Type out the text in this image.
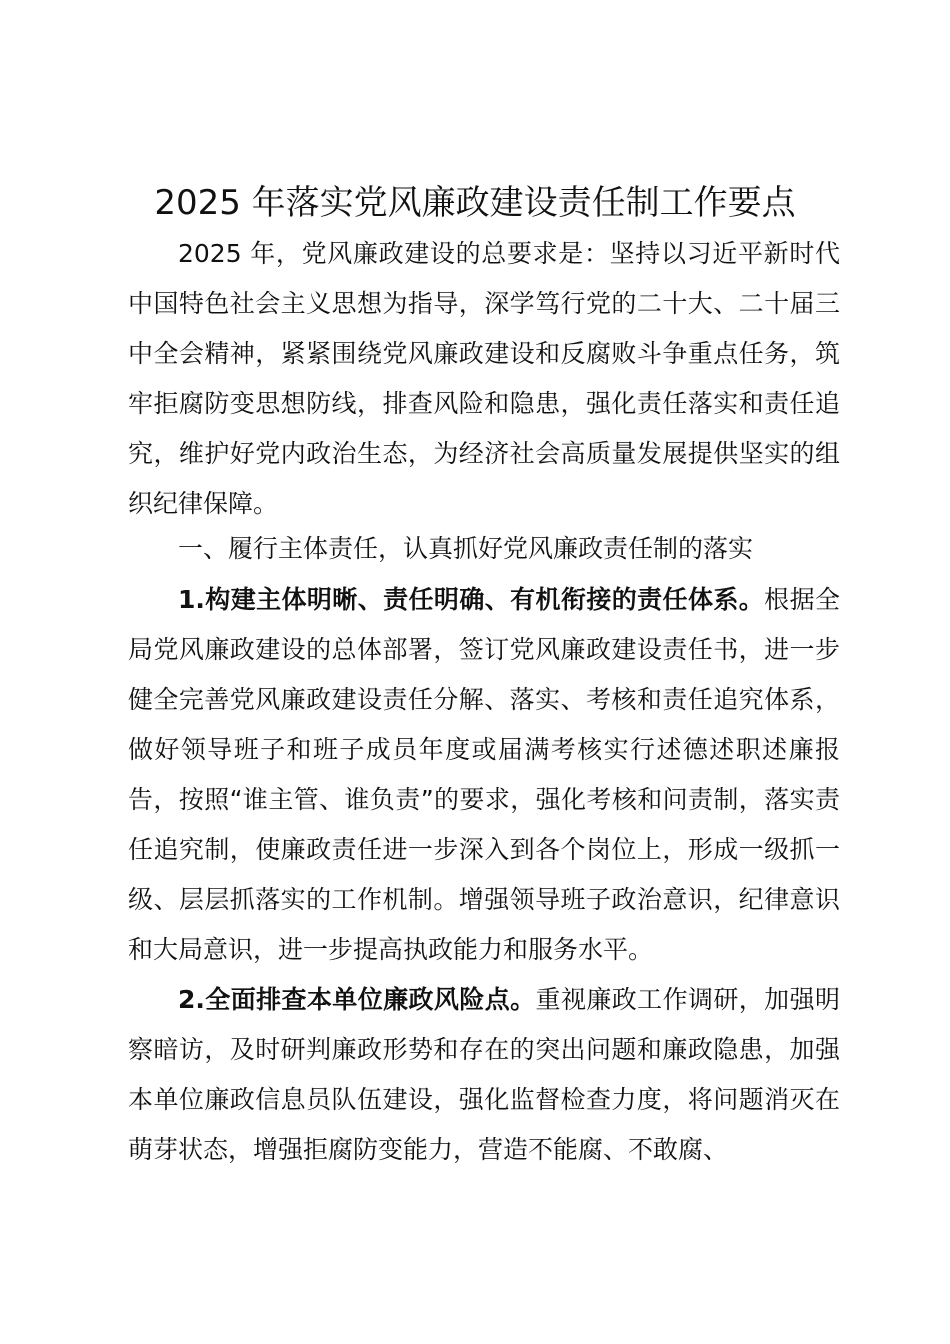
2025 年落实党风廉政建设责任制工作要点

2025 年，党风廉政建设的总要求是：坚持以习近平新时代中国特色社会主义思想为指导，深学笃行党的二十大、二十届三中全会精神，紧紧围绕党风廉政建设和反腐败斗争重点任务，筑牢拒腐防变思想防线，排查风险和隐患，强化责任落实和责任追究，维护好党内政治生态，为经济社会高质量发展提供坚实的组织纪律保障。

一、履行主体责任，认真抓好党风廉政责任制的落实

1.构建主体明晰、责任明确、有机衔接的责任体系。根据全局党风廉政建设的总体部署，签订党风廉政建设责任书，进一步健全完善党风廉政建设责任分解、落实、考核和责任追究体系，做好领导班子和班子成员年度或届满考核实行述德述职述廉报告，按照“谁主管、谁负责”的要求，强化考核和问责制，落实责任追究制，使廉政责任进一步深入到各个岗位上，形成一级抓一级、层层抓落实的工作机制。增强领导班子政治意识，纪律意识和大局意识，进一步提高执政能力和服务水平。

2.全面排查本单位廉政风险点。重视廉政工作调研，加强明察暗访，及时研判廉政形势和存在的突出问题和廉政隐患，加强本单位廉政信息员队伍建设，强化监督检查力度，将问题消灭在萌芽状态，增强拒腐防变能力，营造不能腐、不敢腐、
